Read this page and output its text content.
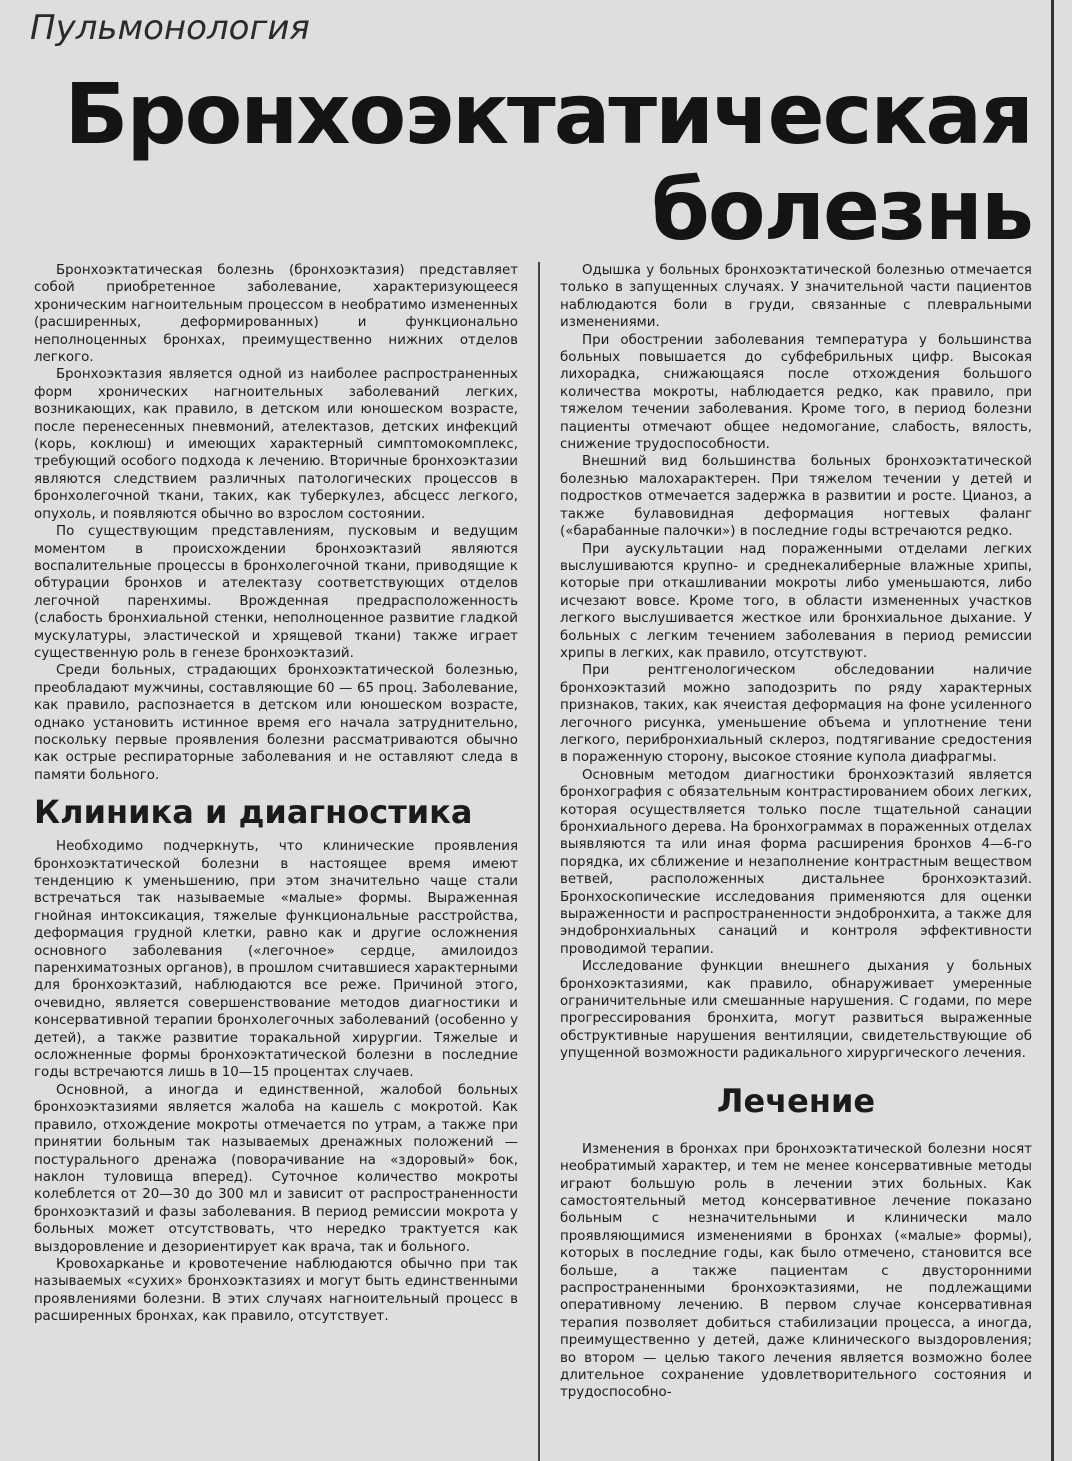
Пульмонология
Бронхоэктатическая
болезнь

Бронхоэктатическая болезнь (бронхоэктазия) представляет собой приобретенное заболевание, характеризующееся хроническим нагноительным процессом в необратимо измененных (расширенных, деформированных) и функционально неполноценных бронхах, преимущественно нижних отделов легкого.

Бронхоэктазия является одной из наиболее распространенных форм хронических нагноительных заболеваний легких, возникающих, как правило, в детском или юношеском возрасте, после перенесенных пневмоний, ателектазов, детских инфекций (корь, коклюш) и имеющих характерный симптомокомплекс, требующий особого подхода к лечению. Вторичные бронхоэктазии являются следствием различных патологических процессов в бронхолегочной ткани, таких, как туберкулез, абсцесс легкого, опухоль, и появляются обычно во взрослом состоянии.

По существующим представлениям, пусковым и ведущим моментом в происхождении бронхоэктазий являются воспалительные процессы в бронхолегочной ткани, приводящие к обтурации бронхов и ателектазу соответствующих отделов легочной паренхимы. Врожденная предрасположенность (слабость бронхиальной стенки, неполноценное развитие гладкой мускулатуры, эластической и хрящевой ткани) также играет существенную роль в генезе бронхоэктазий.

Среди больных, страдающих бронхоэктатической болезнью, преобладают мужчины, составляющие 60 — 65 проц. Заболевание, как правило, распознается в детском или юношеском возрасте, однако установить истинное время его начала затруднительно, поскольку первые проявления болезни рассматриваются обычно как острые респираторные заболевания и не оставляют следа в памяти больного.

Клиника и диагностика

Необходимо подчеркнуть, что клинические проявления бронхоэктатической болезни в настоящее время имеют тенденцию к уменьшению, при этом значительно чаще стали встречаться так называемые «малые» формы. Выраженная гнойная интоксикация, тяжелые функциональные расстройства, деформация грудной клетки, равно как и другие осложнения основного заболевания («легочное» сердце, амилоидоз паренхиматозных органов), в прошлом считавшиеся характерными для бронхоэктазий, наблюдаются все реже. Причиной этого, очевидно, является совершенствование методов диагностики и консервативной терапии бронхолегочных заболеваний (особенно у детей), а также развитие торакальной хирургии. Тяжелые и осложненные формы бронхоэктатической болезни в последние годы встречаются лишь в 10—15 процентах случаев.

Основной, а иногда и единственной, жалобой больных бронхоэктазиями является жалоба на кашель с мокротой. Как правило, отхождение мокроты отмечается по утрам, а также при принятии больным так называемых дренажных положений — постурального дренажа (поворачивание на «здоровый» бок, наклон туловища вперед). Суточное количество мокроты колеблется от 20—30 до 300 мл и зависит от распространенности бронхоэктазий и фазы заболевания. В период ремиссии мокрота у больных может отсутствовать, что нередко трактуется как выздоровление и дезориентирует как врача, так и больного.

Кровохарканье и кровотечение наблюдаются обычно при так называемых «сухих» бронхоэктазиях и могут быть единственными проявлениями болезни. В этих случаях нагноительный процесс в расширенных бронхах, как правило, отсутствует.

Одышка у больных бронхоэктатической болезнью отмечается только в запущенных случаях. У значительной части пациентов наблюдаются боли в груди, связанные с плевральными изменениями.

При обострении заболевания температура у большинства больных повышается до субфебрильных цифр. Высокая лихорадка, снижающаяся после отхождения большого количества мокроты, наблюдается редко, как правило, при тяжелом течении заболевания. Кроме того, в период болезни пациенты отмечают общее недомогание, слабость, вялость, снижение трудоспособности.

Внешний вид большинства больных бронхоэктатической болезнью малохарактерен. При тяжелом течении у детей и подростков отмечается задержка в развитии и росте. Цианоз, а также булавовидная деформация ногтевых фаланг («барабанные палочки») в последние годы встречаются редко.

При аускультации над пораженными отделами легких выслушиваются крупно- и среднекалиберные влажные хрипы, которые при откашливании мокроты либо уменьшаются, либо исчезают вовсе. Кроме того, в области измененных участков легкого выслушивается жесткое или бронхиальное дыхание. У больных с легким течением заболевания в период ремиссии хрипы в легких, как правило, отсутствуют.

При рентгенологическом обследовании наличие бронхоэктазий можно заподозрить по ряду характерных признаков, таких, как ячеистая деформация на фоне усиленного легочного рисунка, уменьшение объема и уплотнение тени легкого, перибронхиальный склероз, подтягивание средостения в пораженную сторону, высокое стояние купола диафрагмы.

Основным методом диагностики бронхоэктазий является бронхография с обязательным контрастированием обоих легких, которая осуществляется только после тщательной санации бронхиального дерева. На бронхограммах в пораженных отделах выявляются та или иная форма расширения бронхов 4—6-го порядка, их сближение и незаполнение контрастным веществом ветвей, расположенных дистальнее бронхоэктазий. Бронхоскопические исследования применяются для оценки выраженности и распространенности эндобронхита, а также для эндобронхиальных санаций и контроля эффективности проводимой терапии.

Исследование функции внешнего дыхания у больных бронхоэктазиями, как правило, обнаруживает умеренные ограничительные или смешанные нарушения. С годами, по мере прогрессирования бронхита, могут развиться выраженные обструктивные нарушения вентиляции, свидетельствующие об упущенной возможности радикального хирургического лечения.

Лечение

Изменения в бронхах при бронхоэктатической болезни носят необратимый характер, и тем не менее консервативные методы играют большую роль в лечении этих больных. Как самостоятельный метод консервативное лечение показано больным с незначительными и клинически мало проявляющимися изменениями в бронхах («малые» формы), которых в последние годы, как было отмечено, становится все больше, а также пациентам с двусторонними распространенными бронхоэктазиями, не подлежащими оперативному лечению. В первом случае консервативная терапия позволяет добиться стабилизации процесса, а иногда, преимущественно у детей, даже клинического выздоровления; во втором — целью такого лечения является возможно более длительное сохранение удовлетворительного состояния и трудоспособно-
